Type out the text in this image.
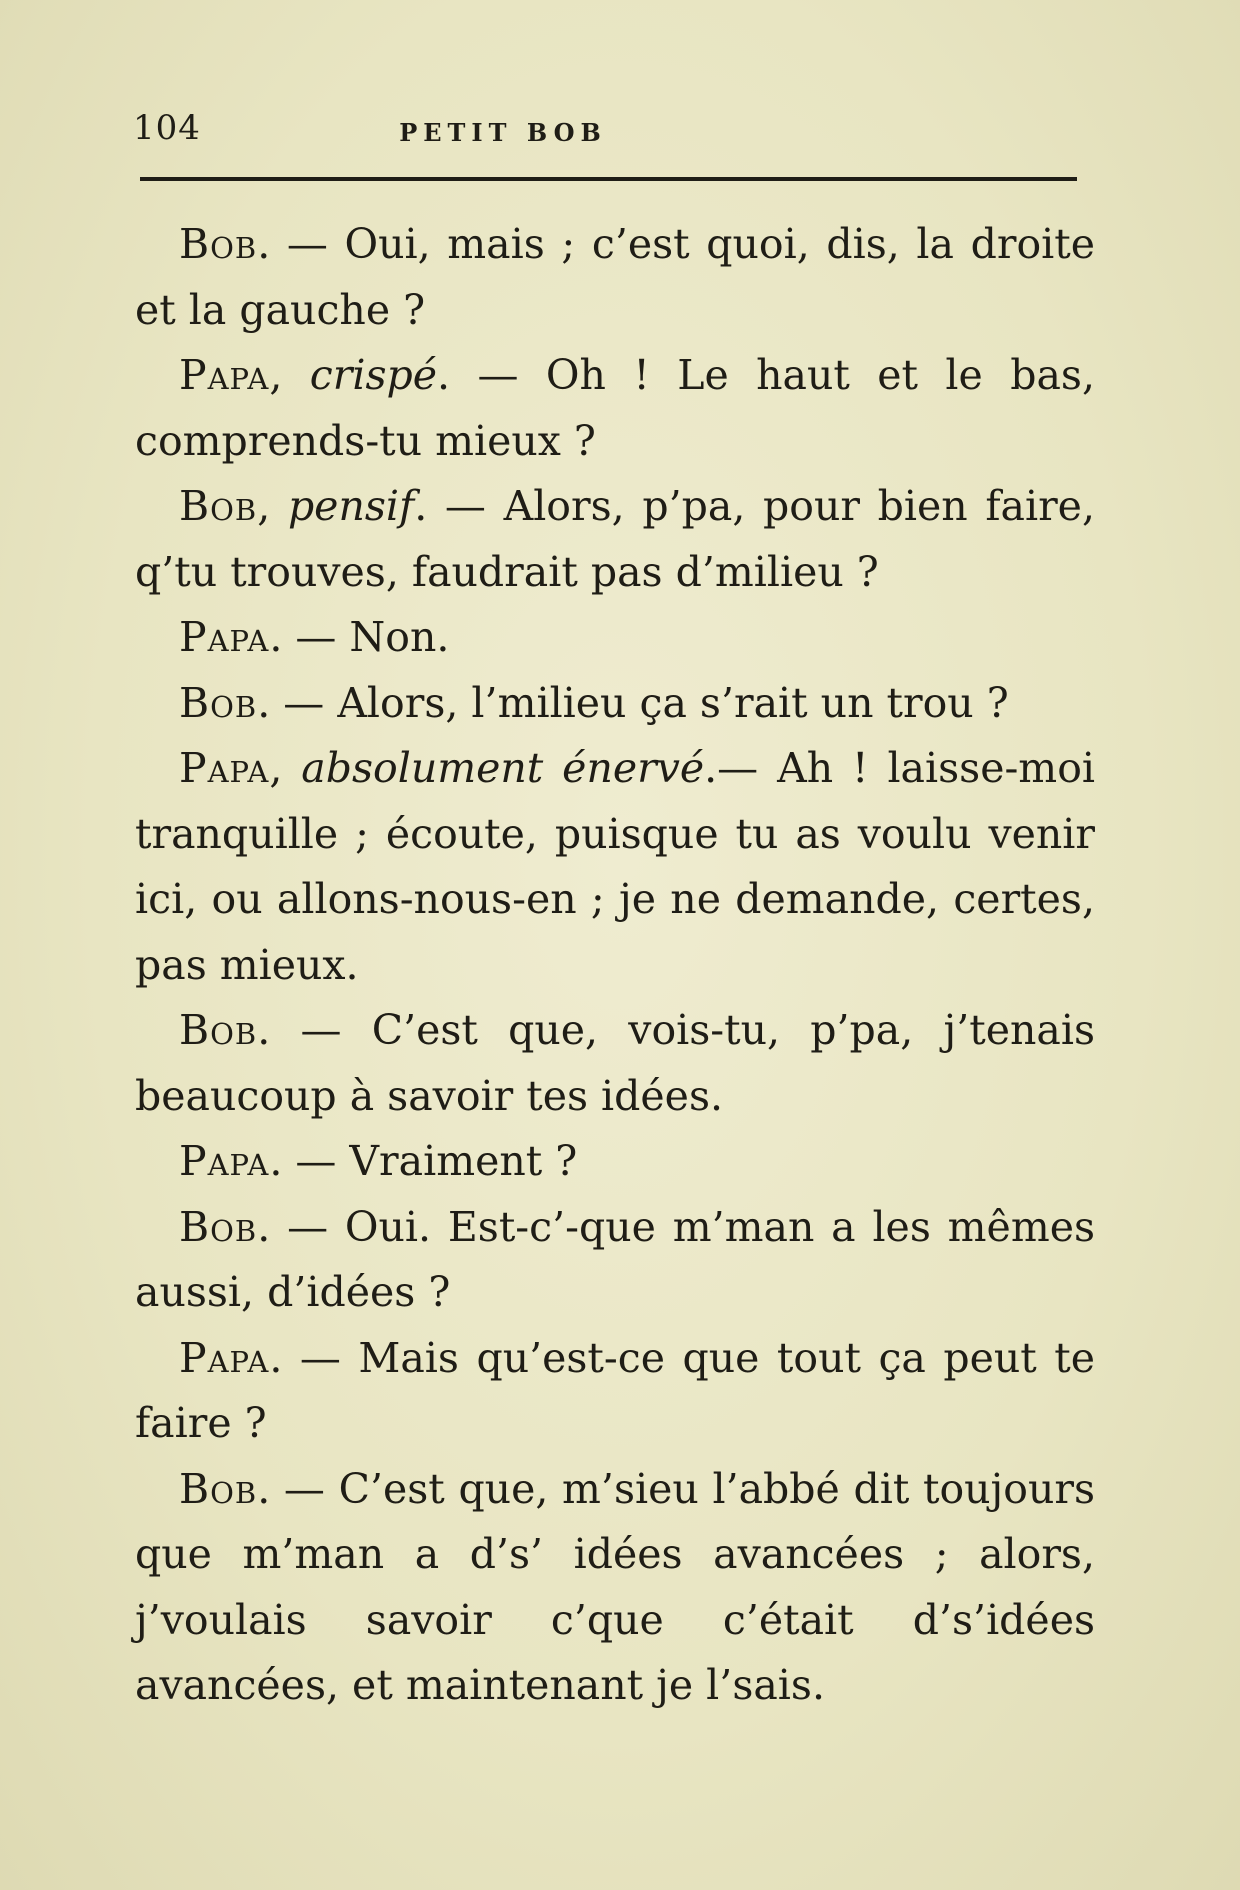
104	PETIT BOB

Bob. — Oui, mais ; c’est quoi, dis, la droite et la gauche ?

Papa, crispé. — Oh ! Le haut et le bas, comprends-tu mieux ?

Bob, pensif. — Alors, p’pa, pour bien faire, q’tu trouves, faudrait pas d’milieu ?

Papa. — Non.

Bob. — Alors, l’milieu ça s’rait un trou ?

Papa, absolument énervé.— Ah ! laisse-moi tranquille ; écoute, puisque tu as voulu venir ici, ou allons-nous-en ; je ne demande, certes, pas mieux.

Bob. — C’est que, vois-tu, p’pa, j’tenais beaucoup à savoir tes idées.

Papa. — Vraiment ?

Bob. — Oui. Est-c’-que m’man a les mêmes aussi, d’idées ?

Papa. — Mais qu’est-ce que tout ça peut te faire ?

Bob. — C’est que, m’sieu l’abbé dit toujours que m’man a d’s’ idées avancées ; alors, j’voulais savoir c’que c’était d’s’idées avancées, et maintenant je l’sais.
